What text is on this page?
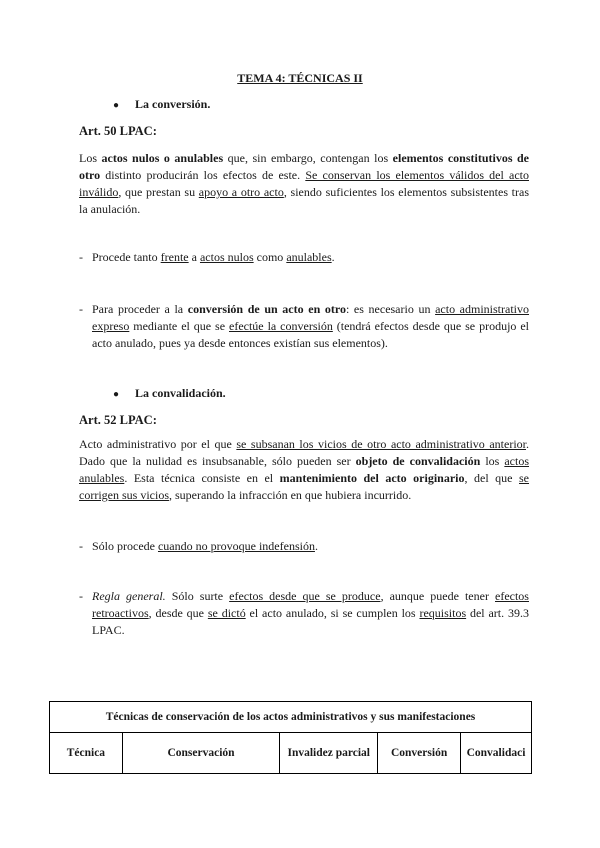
TEMA 4: TÉCNICAS II
● La conversión.
Art. 50 LPAC:
Los actos nulos o anulables que, sin embargo, contengan los elementos constitutivos de otro distinto producirán los efectos de este. Se conservan los elementos válidos del acto inválido, que prestan su apoyo a otro acto, siendo suficientes los elementos subsistentes tras la anulación.
- Procede tanto frente a actos nulos como anulables.
- Para proceder a la conversión de un acto en otro: es necesario un acto administrativo expreso mediante el que se efectúe la conversión (tendrá efectos desde que se produjo el acto anulado, pues ya desde entonces existían sus elementos).
● La convalidación.
Art. 52 LPAC:
Acto administrativo por el que se subsanan los vicios de otro acto administrativo anterior. Dado que la nulidad es insubsanable, sólo pueden ser objeto de convalidación los actos anulables. Esta técnica consiste en el mantenimiento del acto originario, del que se corrigen sus vicios, superando la infracción en que hubiera incurrido.
- Sólo procede cuando no provoque indefensión.
- Regla general. Sólo surte efectos desde que se produce, aunque puede tener efectos retroactivos, desde que se dictó el acto anulado, si se cumplen los requisitos del art. 39.3 LPAC.
Técnicas de conservación de los actos administrativos y sus manifestaciones
Técnica	Conservación	Invalidez parcial	Conversión	Convalidaci
